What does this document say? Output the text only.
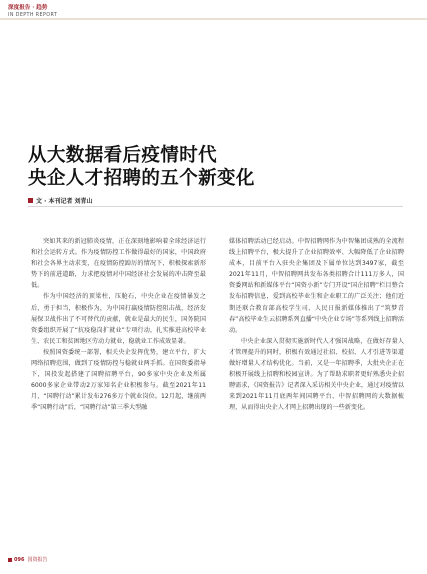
深度报告 · 趋势
IN DEPTH REPORT
从大数据看后疫情时代
央企人才招聘的五个新变化
文 · 本刊记者 刘青山

突如其来的新冠肺炎疫情，正在深刻地影响着全球经济运行和社会运转方式。作为疫情防控工作做得最好的国家，中国政府和社会各界主动求变，在疫情防控踔厉的情况下，积极探索新形势下的前进道路，力求把疫情对中国经济社会发展的冲击降至最低。

作为中国经济的顶梁柱，压舱石，中央企业在疫情暴发之后，勇于担当，积极作为，为中国打赢疫情防控阻击战，经济发展保卫战作出了不可替代的贡献，就业是最大的民生，国务院国资委组织开展了“抗疫稳岗扩就业”专项行动，扎实推进高校毕业生、农民工和贫困地区劳动力就业，稳就业工作成效显著。

按照国资委统一部署，相关央企发挥优势，建立平台，扩大网络招聘范围，做到了疫情防控与稳就业两手抓。在国资委指导下，国投发起搭建了国聘招聘平台，90多家中央企业及所属6000多家企业带动2万家知名企业积极参与。截至2021年11月，“国聘行动”累计发布276多万个就业岗位。12月起，继前两季“国聘行动”后，“国聘行动”第三季大型融

媒体招聘活动已经启动。中智招聘网作为中智集团成熟的全流程线上招聘平台，极大提升了企业招聘效率、大幅降低了企业招聘成本，目前平台入驻央企集团及下属单位达到3497家，截至2021年11月，中智招聘网共发布各类招聘合计111万多人，国资委网站和新媒体平台“国资小新”专门开设“国企招聘”栏目整合发布招聘信息，爱到高校毕业生和企业职工的广泛关注；他们近期还联合教育部高校学生司、人民日报新媒体推出了“筑梦青春”高校毕业生云招聘系列直播“中央企业专场”等系列线上招聘活动。

中央企业深入贯彻实施新时代人才强国战略，在做好存量人才管理提升的同时，积极有效通过社招、校招、人才引进等渠道做好增量人才结构优化。当前，又是一年招聘季，大批央企正在积极开展线上招聘和校园宣讲。为了帮助求职者更好熟悉央企招聘需求，《国资报告》记者深入采访相关中央企业，通过对疫情以来到2021年11月底两年间国聘平台、中智招聘网的大数据梳理，从而得出央企人才网上招聘出现的一些新变化。

096 国资报告
